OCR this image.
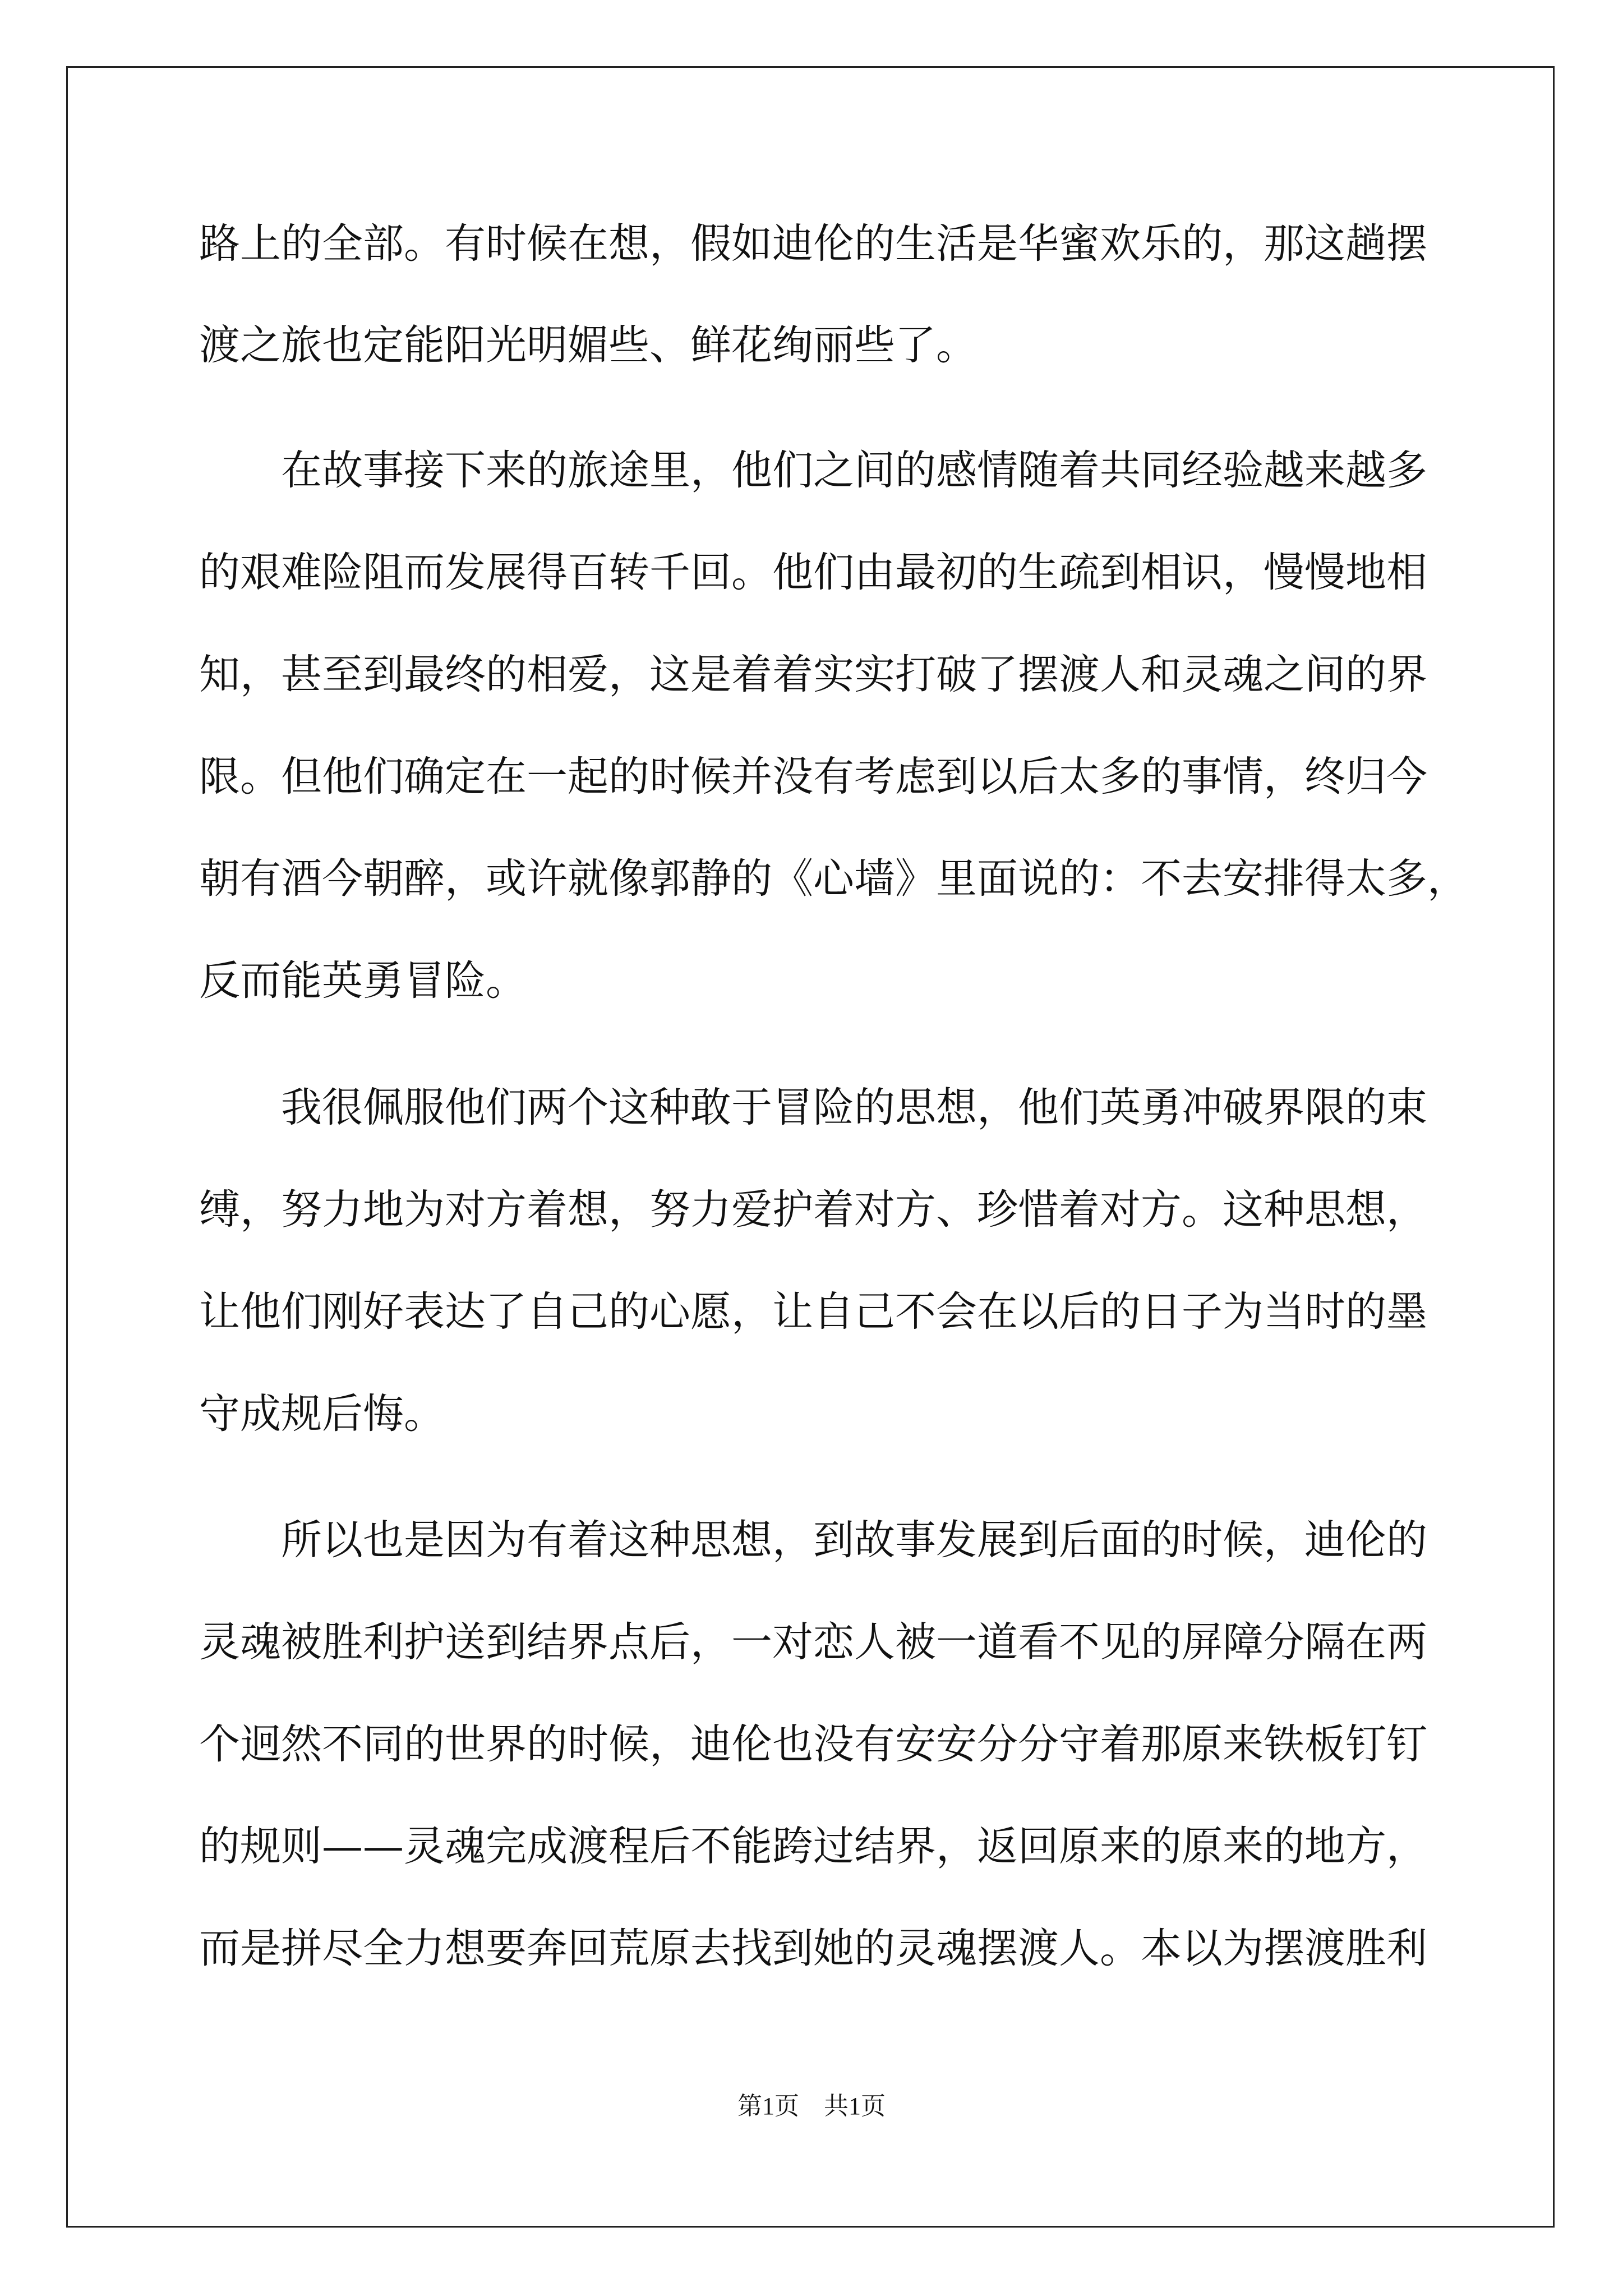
路上的全部。有时候在想，假如迪伦的生活是华蜜欢乐的，那这趟摆
渡之旅也定能阳光明媚些、鲜花绚丽些了。
在故事接下来的旅途里，他们之间的感情随着共同经验越来越多
的艰难险阻而发展得百转千回。他们由最初的生疏到相识，慢慢地相
知，甚至到最终的相爱，这是着着实实打破了摆渡人和灵魂之间的界
限。但他们确定在一起的时候并没有考虑到以后太多的事情，终归今
朝有酒今朝醉，或许就像郭静的《心墙》里面说的：不去安排得太多，
反而能英勇冒险。
我很佩服他们两个这种敢于冒险的思想，他们英勇冲破界限的束
缚，努力地为对方着想，努力爱护着对方、珍惜着对方。这种思想，
让他们刚好表达了自己的心愿，让自己不会在以后的日子为当时的墨
守成规后悔。
所以也是因为有着这种思想，到故事发展到后面的时候，迪伦的
灵魂被胜利护送到结界点后，一对恋人被一道看不见的屏障分隔在两
个迥然不同的世界的时候，迪伦也没有安安分分守着那原来铁板钉钉
的规则——灵魂完成渡程后不能跨过结界，返回原来的原来的地方，
而是拼尽全力想要奔回荒原去找到她的灵魂摆渡人。本以为摆渡胜利
第1页 共1页
